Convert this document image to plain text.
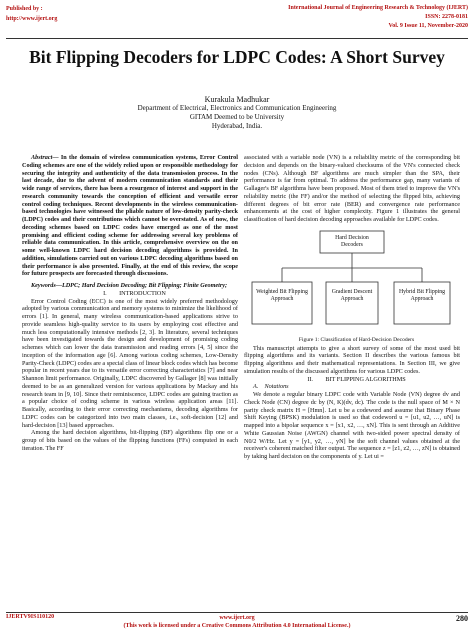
Published by :
http://www.ijert.org
International Journal of Engineering Research & Technology (IJERT)
ISSN: 2278-0181
Vol. 9 Issue 11, November-2020
Bit Flipping Decoders for LDPC Codes: A Short Survey
Kurakula Madhukar
Department of Electrical, Electronics and Communication Engineering
GITAM Deemed to be University
Hyderabad, India.

Abstract— In the domain of wireless communication systems, Error Control Coding schemes are one of the widely relied upon or responsible methodology for securing the integrity and authenticity of the data transmission process. In the last decade, due to the advent of modern communication standards and their wide range of services, there has been a resurgence of interest and support in the research community towards the conception of efficient and versatile error control coding techniques. Recent developments in the wireless communication-based technologies have witnessed the pliable nature of low-density parity-check (LDPC) codes and their contributions which cannot be overstated. As of now, the decoding schemes based on LDPC codes have emerged as one of the most promising and efficient coding scheme for addressing several key problems of reliable data communication. In this article, comprehensive overview on the on some well-known LDPC hard decision decoding algorithms is provided. In addition, simulations carried out on various LDPC decoding algorithms based on their performance is also presented. Finally, at the end of this review, the scope for future prospects are forecasted through discussions.

Keywords—LDPC; Hard Decision Decoding; Bit Flipping; Finite Geometry;

I.  INTRODUCTION

Error Control Coding (ECC) is one of the most widely preferred methodology adopted by various communication and memory systems to minimize the likelihood of errors [1]. In general, many wireless communication-based applications strive to provide seamless high-quality service to its users by employing cost effective and much less computationally intensive methods [2, 3]. In literature, several techniques have been investigated towards the design and development of promising coding schemes which can lower the data transmission and reading errors [4, 5] since the inception of the information age [6]. Among various coding schemes, Low-Density Parity-Check (LDPC) codes are a special class of linear block codes which has become popular in recent years due to its versatile error correcting characteristics [7] and near Shannon limit performance. Originally, LDPC discovered by Gallager [8] was initially deemed to be as an generalized version for various applications by Mackay and his research team in [9, 10]. Since their reminiscence, LDPC codes are gaining traction as a popular choice of coding scheme in various wireless application areas [11]. Basically, according to their error correcting mechanisms, decoding algorithms for LDPC codes can be categorized into two main classes, i.e., soft-decision [12] and hard-decision [13] based approaches.

Among the hard decision algorithms, bit-flipping (BF) algorithms flip one or a group of bits based on the values of the flipping functions (FFs) computed in each iteration. The FF

associated with a variable node (VN) is a reliability metric of the corresponding bit decision and depends on the binary-valued checksums of the VN's connected check nodes (CNs). Although BF algorithms are much simpler than the SPA, their performance is far from optimal. To address the performance gap, many variants of Gallager's BF algorithms have been proposed. Most of them tried to improve the VN's reliability metric (the FF) and/or the method of selecting the flipped bits, achieving different degrees of bit error rate (BER) and convergence rate performance enhancements at the cost of higher complexity. Figure 1 illustrates the general classification of hard decision decoding approaches available for LDPC codes.

Hard Decision Decoders
Weighted Bit Flipping Approach
Gradient Descent Approach
Hybrid Bit Flipping Approach

Figure 1: Classification of Hard-Decision Decoders

This manuscript attempts to give a short survey of some of the most used bit flipping algorithms and its variants. Section II describes the various famous bit flipping algorithms and their mathematical representations. In Section III, we give simulation results of the discussed algorithms for various LDPC codes.

II.  BIT FLIPPING ALGORITHMS

A. Notations

We denote a regular binary LDPC code with Variable Node (VN) degree dv and Check Node (CN) degree dc by (N, K)(dv, dc). The code is the null space of M × N parity check matrix H = [Hmn]. Let u be a codeword and assume that Binary Phase Shift Keying (BPSK) modulation is used so that codeword u = [u1, u2, …, uN] is mapped into a bipolar sequence x = [x1, x2, …, xN]. This is sent through an Additive White Gaussian Noise (AWGN) channel with two-sided power spectral density of N0/2 W/Hz. Let y = [y1, y2, …, yN] be the soft channel values obtained at the receiver's coherent matched filter output. The sequence z = [z1, z2, …, zN] is obtained by taking hard decision on the components of y. Let ui =

IJERTV9IS110120	www.ijert.org
(This work is licensed under a Creative Commons Attribution 4.0 International License.)
280
